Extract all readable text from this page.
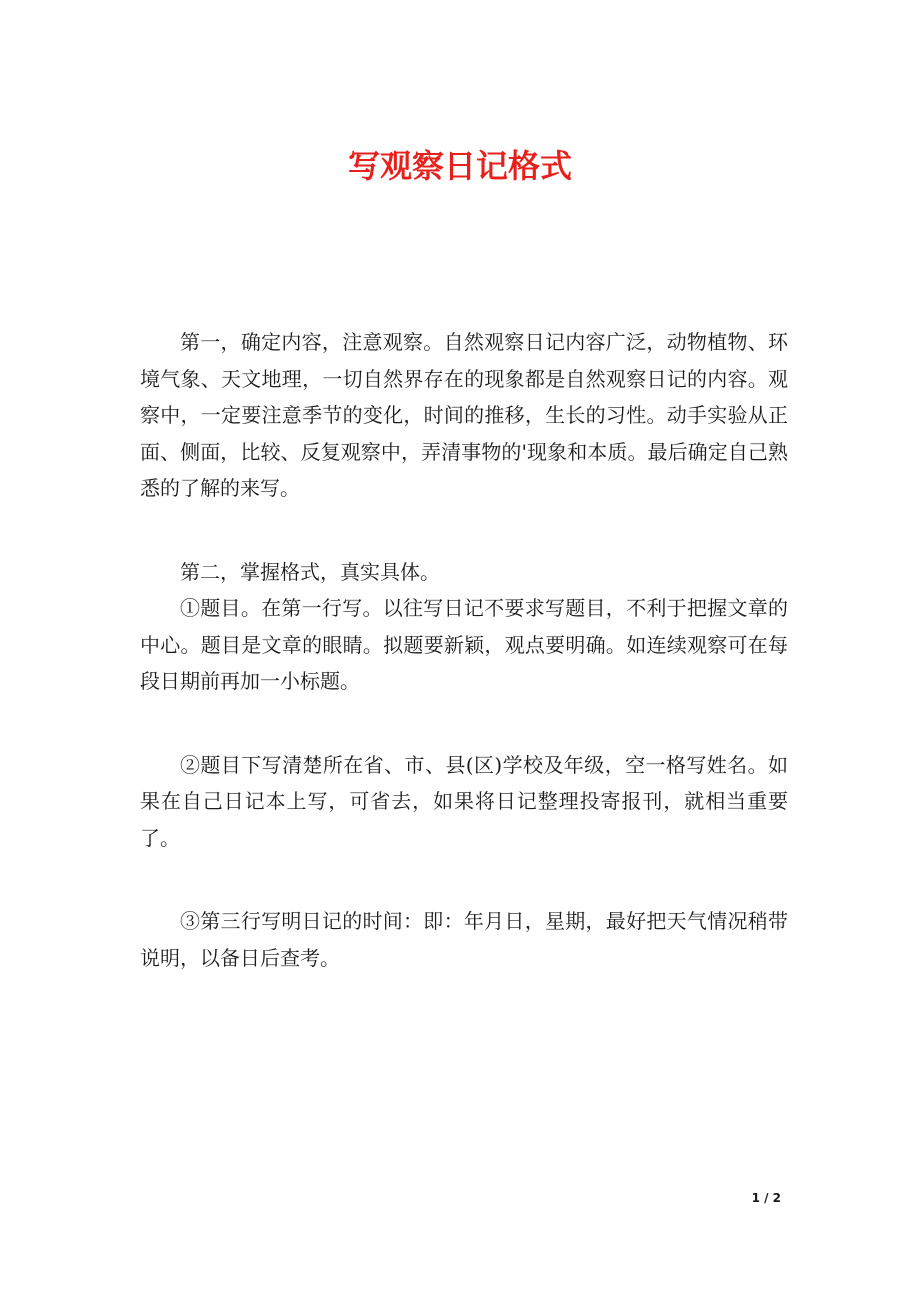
写观察日记格式

第一，确定内容，注意观察。自然观察日记内容广泛，动物植物、环境气象、天文地理，一切自然界存在的现象都是自然观察日记的内容。观察中，一定要注意季节的变化，时间的推移，生长的习性。动手实验从正面、侧面，比较、反复观察中，弄清事物的'现象和本质。最后确定自己熟悉的了解的来写。

第二，掌握格式，真实具体。

①题目。在第一行写。以往写日记不要求写题目，不利于把握文章的中心。题目是文章的眼睛。拟题要新颖，观点要明确。如连续观察可在每段日期前再加一小标题。

②题目下写清楚所在省、市、县(区)学校及年级，空一格写姓名。如果在自己日记本上写，可省去，如果将日记整理投寄报刊，就相当重要了。

③第三行写明日记的时间：即：年月日，星期，最好把天气情况稍带说明，以备日后查考。

1 / 2
